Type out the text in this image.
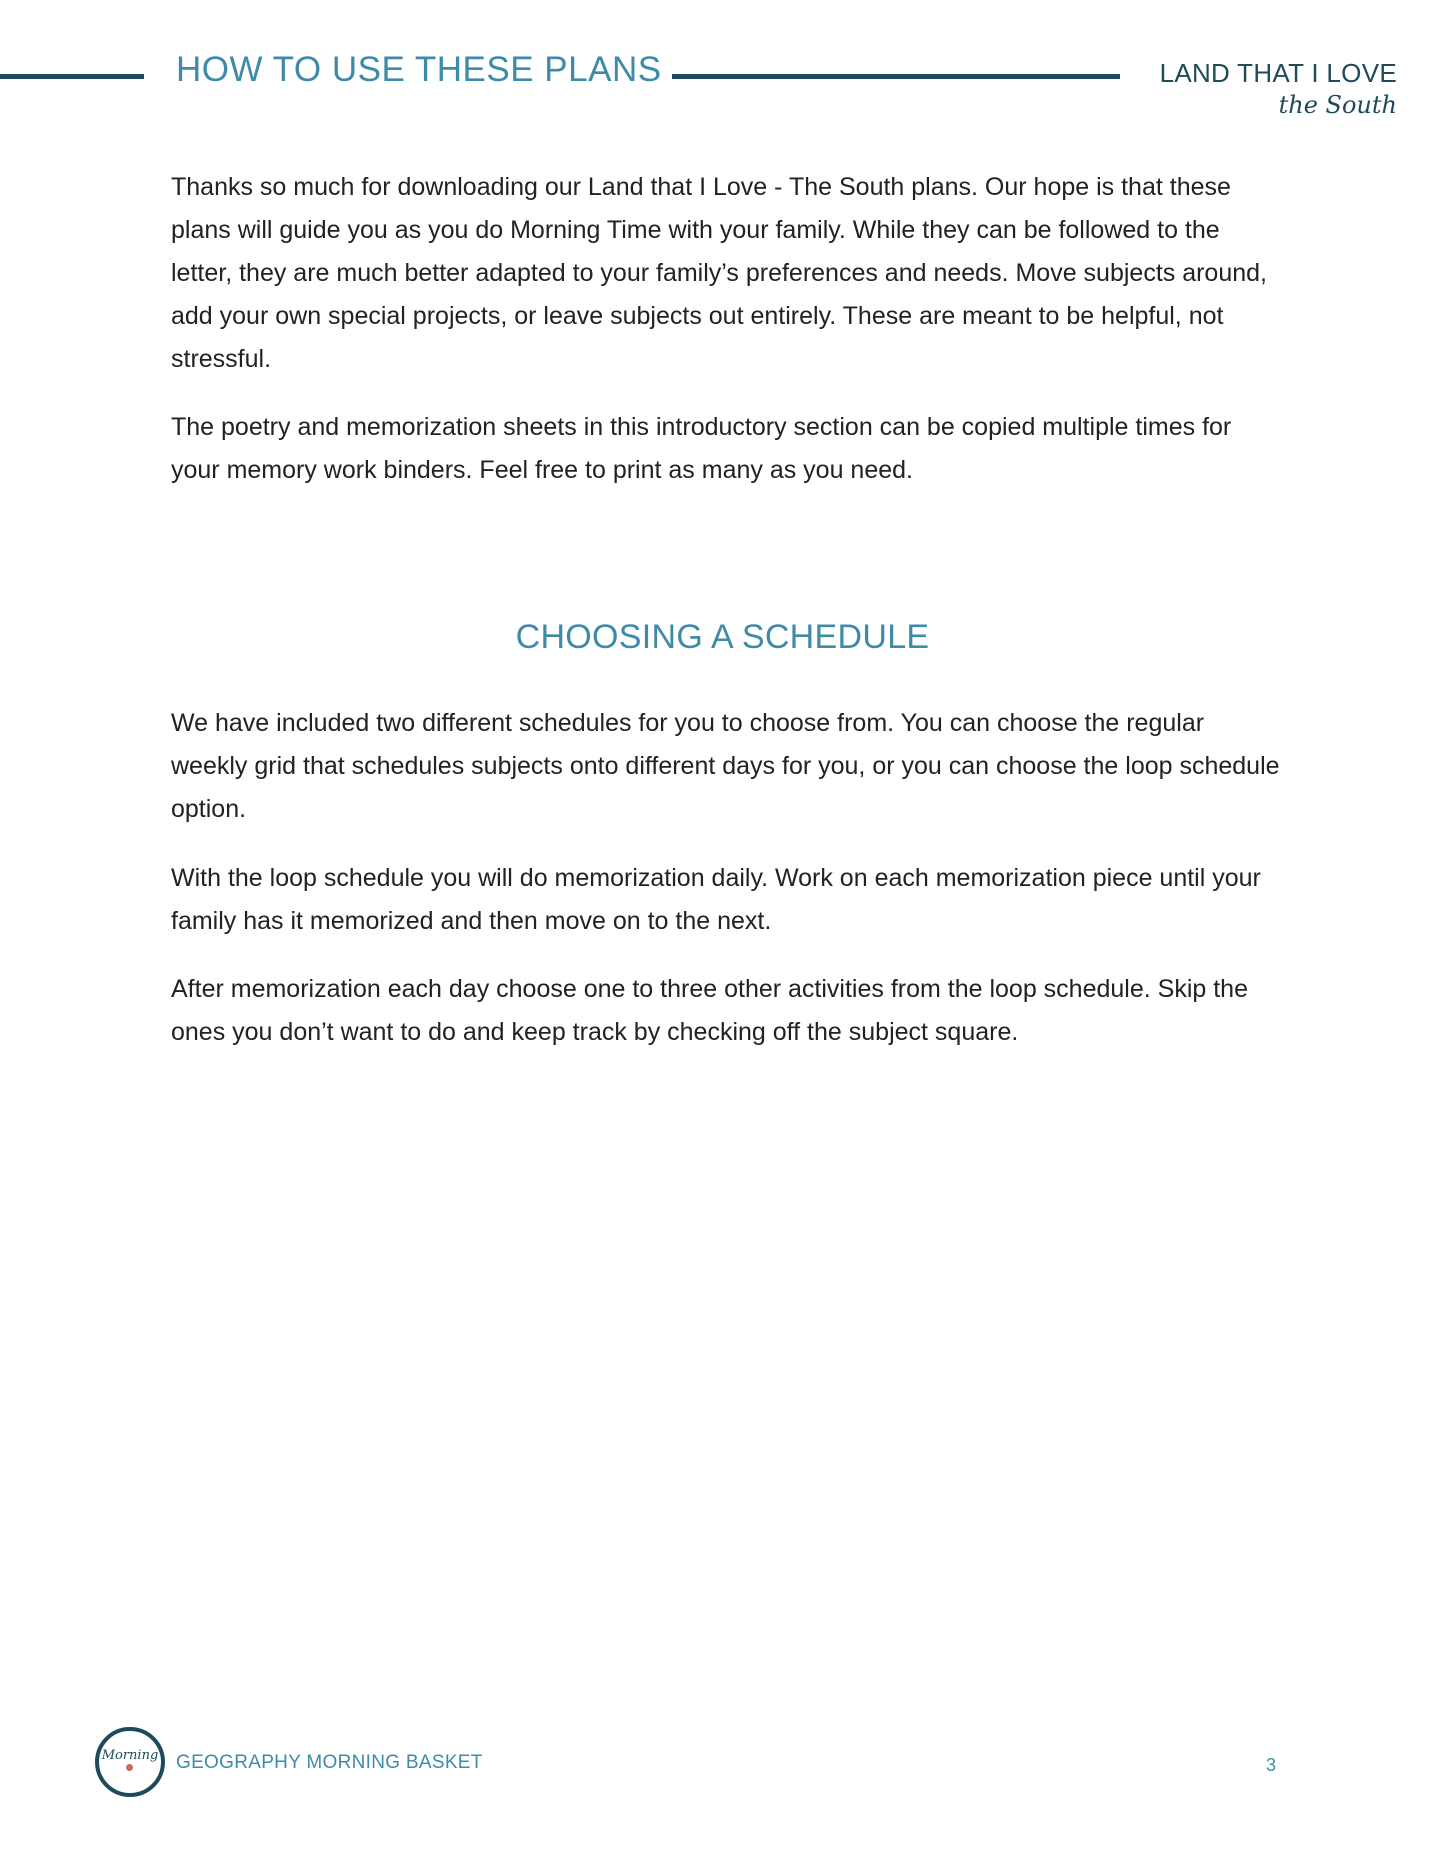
HOW TO USE THESE PLANS	LAND THAT I LOVE
the South

Thanks so much for downloading our Land that I Love - The South plans. Our hope is that these plans will guide you as you do Morning Time with your family. While they can be followed to the letter, they are much better adapted to your family’s preferences and needs. Move subjects around, add your own special projects, or leave subjects out entirely. These are meant to be helpful, not stressful.

The poetry and memorization sheets in this introductory section can be copied multiple times for your memory work binders. Feel free to print as many as you need.

CHOOSING A SCHEDULE

We have included two different schedules for you to choose from. You can choose the regular weekly grid that schedules subjects onto different days for you, or you can choose the loop schedule option.

With the loop schedule you will do memorization daily. Work on each memorization piece until your family has it memorized and then move on to the next.

After memorization each day choose one to three other activities from the loop schedule. Skip the ones you don’t want to do and keep track by checking off the subject square.

Morning GEOGRAPHY MORNING BASKET	3
